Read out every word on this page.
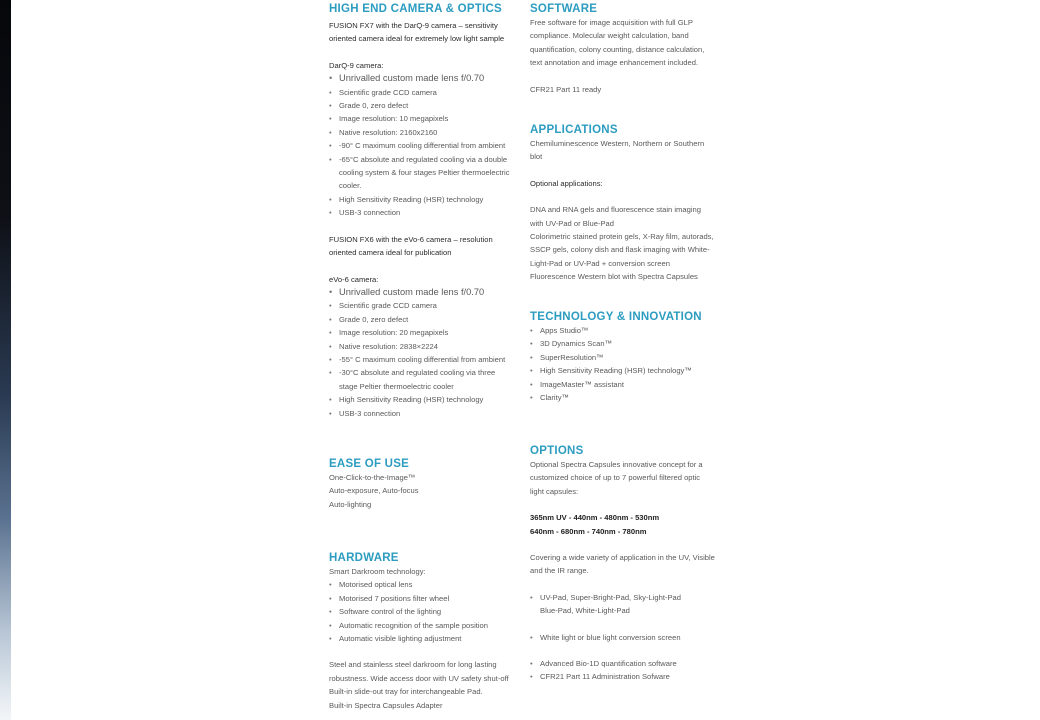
HIGH END CAMERA & OPTICS
FUSION FX7 with the DarQ-9 camera – sensitivity
oriented camera ideal for extremely low light sample
DarQ-9 camera:
• Unrivalled custom made lens f/0.70
• Scientific grade CCD camera
• Grade 0, zero defect
• Image resolution: 10 megapixels
• Native resolution: 2160x2160
• -90° C maximum cooling differential from ambient
• -65°C absolute and regulated cooling via a double
cooling system & four stages Peltier thermoelectric
cooler.
• High Sensitivity Reading (HSR) technology
• USB-3 connection
FUSION FX6 with the eVo-6 camera – resolution
oriented camera ideal for publication
eVo-6 camera:
• Unrivalled custom made lens f/0.70
• Scientific grade CCD camera
• Grade 0, zero defect
• Image resolution: 20 megapixels
• Native resolution: 2838×2224
• -55° C maximum cooling differential from ambient
• -30°C absolute and regulated cooling via three
stage Peltier thermoelectric cooler
• High Sensitivity Reading (HSR) technology
• USB-3 connection
EASE OF USE
One-Click-to-the-Image™
Auto-exposure, Auto-focus
Auto-lighting
HARDWARE
Smart Darkroom technology:
• Motorised optical lens
• Motorised 7 positions filter wheel
• Software control of the lighting
• Automatic recognition of the sample position
• Automatic visible lighting adjustment
Steel and stainless steel darkroom for long lasting
robustness. Wide access door with UV safety shut-off
Built-in slide-out tray for interchangeable Pad.
Built-in Spectra Capsules Adapter
SOFTWARE
Free software for image acquisition with full GLP
compliance. Molecular weight calculation, band
quantification, colony counting, distance calculation,
text annotation and image enhancement included.
CFR21 Part 11 ready
APPLICATIONS
Chemiluminescence Western, Northern or Southern
blot
Optional applications:
DNA and RNA gels and fluorescence stain imaging
with UV-Pad or Blue-Pad
Colorimetric stained protein gels, X-Ray film, autorads,
SSCP gels, colony dish and flask imaging with White-
Light-Pad or UV-Pad + conversion screen
Fluorescence Western blot with Spectra Capsules
TECHNOLOGY & INNOVATION
• Apps Studio™
• 3D Dynamics Scan™
• SuperResolution™
• High Sensitivity Reading (HSR) technology™
• ImageMaster™ assistant
• Clarity™
OPTIONS
Optional Spectra Capsules innovative concept for a
customized choice of up to 7 powerful filtered optic
light capsules:
365nm UV - 440nm - 480nm - 530nm
640nm - 680nm - 740nm - 780nm
Covering a wide variety of application in the UV, Visible
and the IR range.
• UV-Pad, Super-Bright-Pad, Sky-Light-Pad
Blue-Pad, White-Light-Pad
• White light or blue light conversion screen
• Advanced Bio-1D quantification software
• CFR21 Part 11 Administration Sofware
